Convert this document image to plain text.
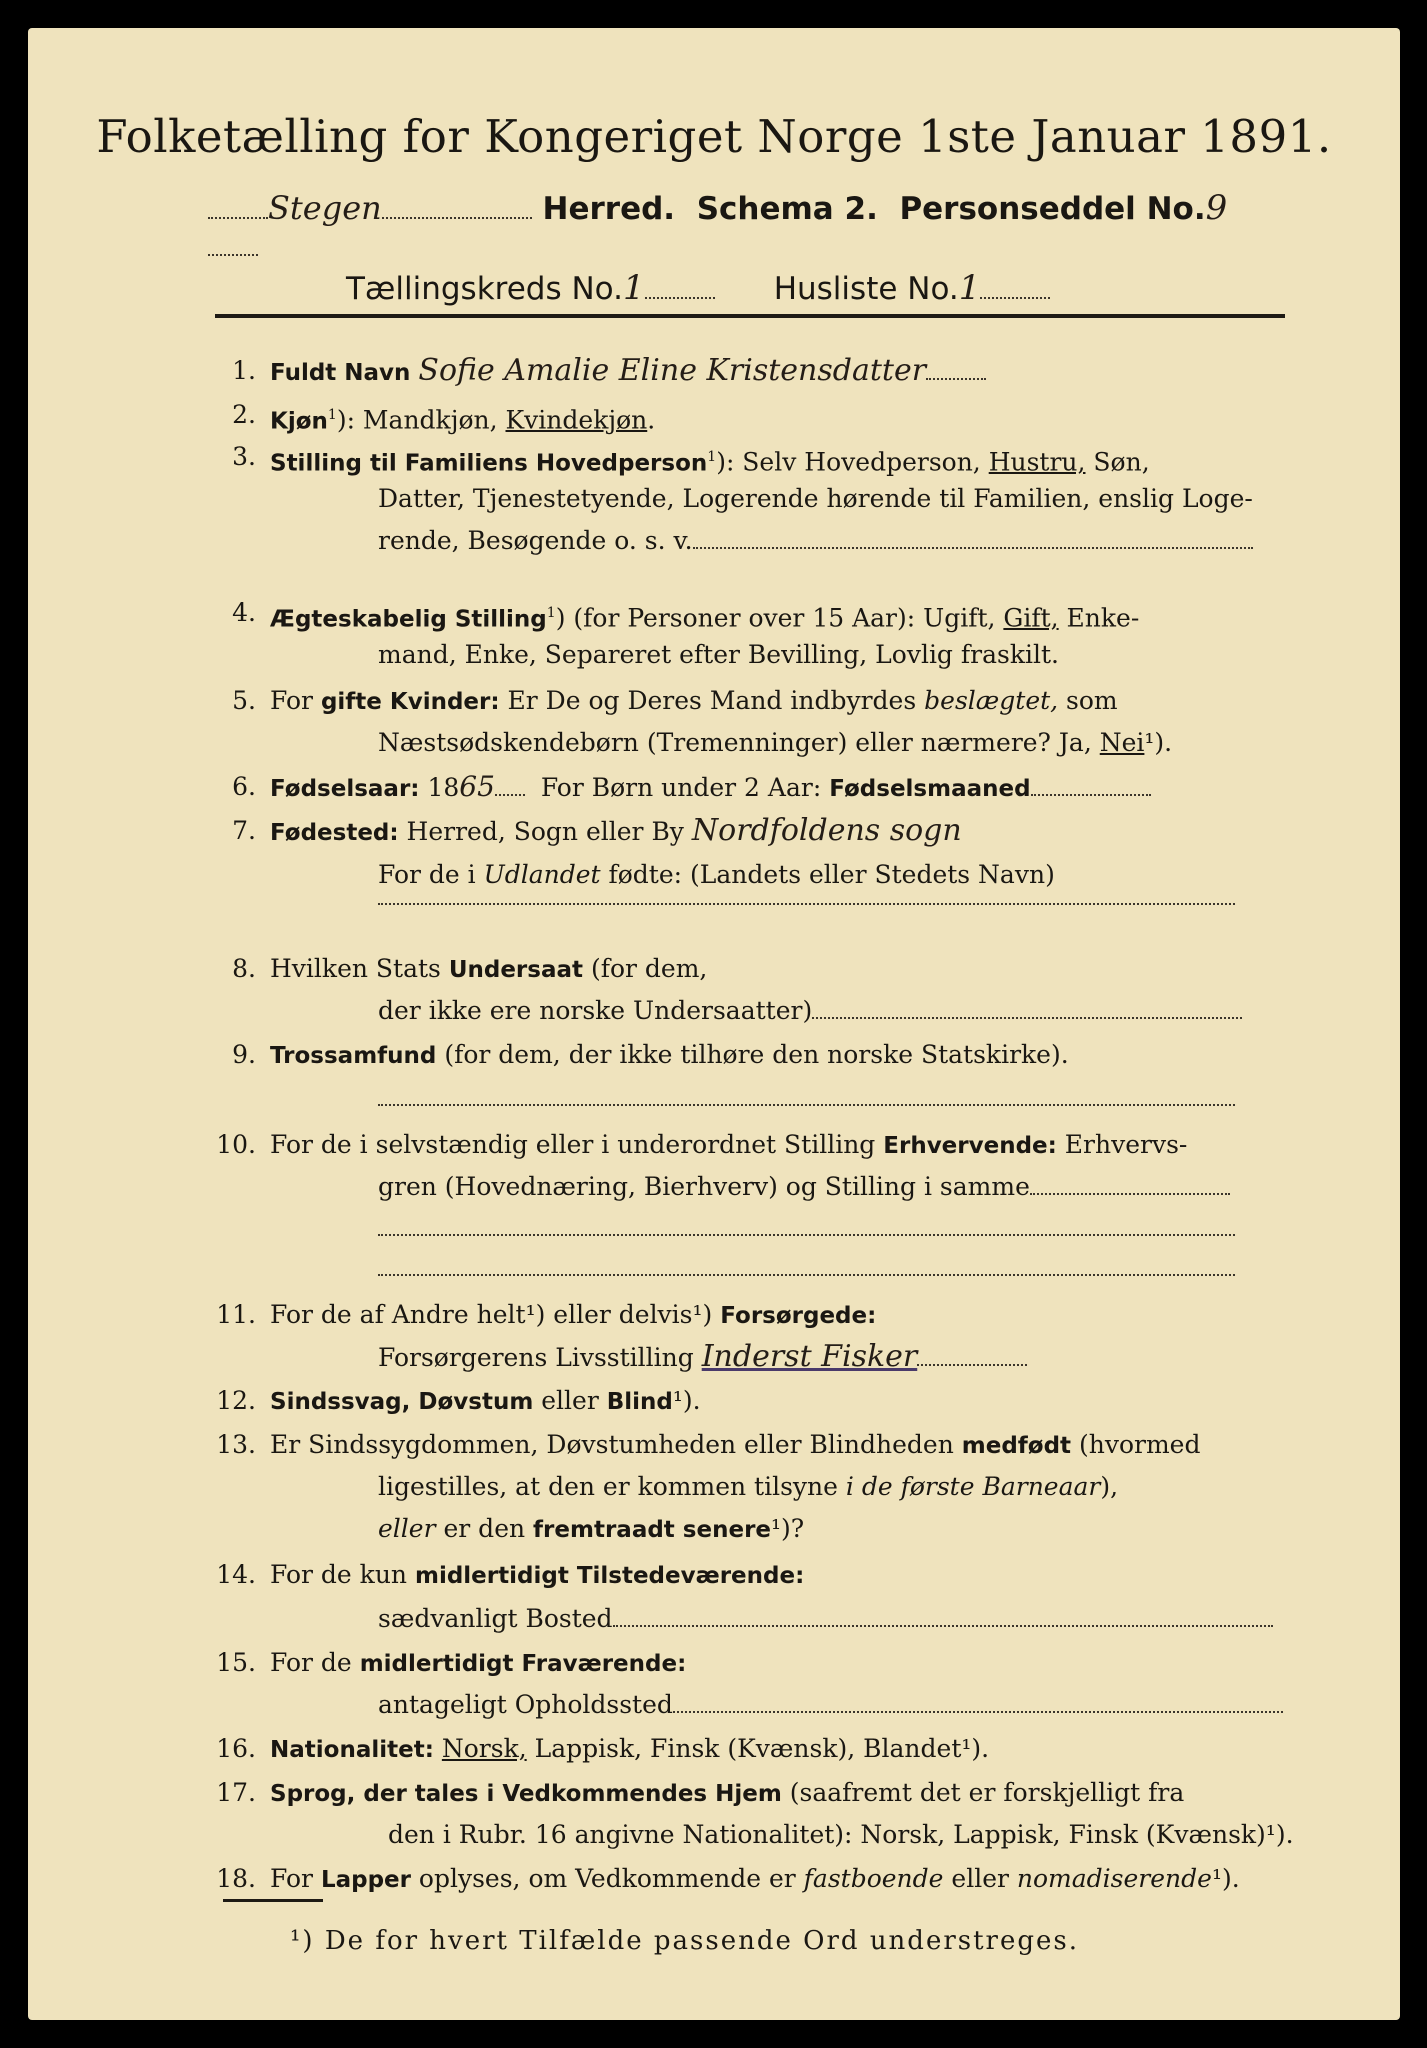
Folketælling for Kongeriget Norge 1ste Januar 1891.
Stegen	Herred. Schema 2. Personseddel No.9
Tællingskreds No.1	Husliste No.1
1. Fuldt Navn Sofie Amalie Eline Kristensdatter
2. Kjøn$^1$): Mandkjøn, Kvindekjøn.
3. Stilling til Familiens Hovedperson$^1$): Selv Hovedperson, Hustru, Søn,
Datter, Tjenestetyende, Logerende hørende til Familien, enslig Loge-
rende, Besøgende o. s. v.
4. Ægteskabelig Stilling$^1$) (for Personer over 15 Aar): Ugift, Gift, Enke-
mand, Enke, Separeret efter Bevilling, Lovlig fraskilt.
5. For gifte Kvinder: Er De og Deres Mand indbyrdes beslægtet, som
Næstsødskendebørn (Tremenninger) eller nærmere? Ja, Nei¹).
6. Fødselsaar: 1865 For Børn under 2 Aar: Fødselsmaaned
7. Fødested: Herred, Sogn eller By Nordfoldens sogn
For de i Udlandet fødte: (Landets eller Stedets Navn)
8. Hvilken Stats Undersaat (for dem,
der ikke ere norske Undersaatter)
9. Trossamfund (for dem, der ikke tilhøre den norske Statskirke).
10. For de i selvstændig eller i underordnet Stilling Erhvervende: Erhvervs-
gren (Hovednæring, Bierhverv) og Stilling i samme
11. For de af Andre helt¹) eller delvis¹) Forsørgede:
Forsørgerens Livsstilling Inderst Fisker
12. Sindssvag, Døvstum eller Blind¹).
13. Er Sindssygdommen, Døvstumheden eller Blindheden medfødt (hvormed
ligestilles, at den er kommen tilsyne i de første Barneaar),
eller er den fremtraadt senere¹)?
14. For de kun midlertidigt Tilstedeværende:
sædvanligt Bosted
15. For de midlertidigt Fraværende:
antageligt Opholdssted
16. Nationalitet: Norsk, Lappisk, Finsk (Kvænsk), Blandet¹).
17. Sprog, der tales i Vedkommendes Hjem (saafremt det er forskjelligt fra
den i Rubr. 16 angivne Nationalitet): Norsk, Lappisk, Finsk (Kvænsk)¹).
18. For Lapper oplyses, om Vedkommende er fastboende eller nomadiserende¹).
¹) De for hvert Tilfælde passende Ord understreges.
